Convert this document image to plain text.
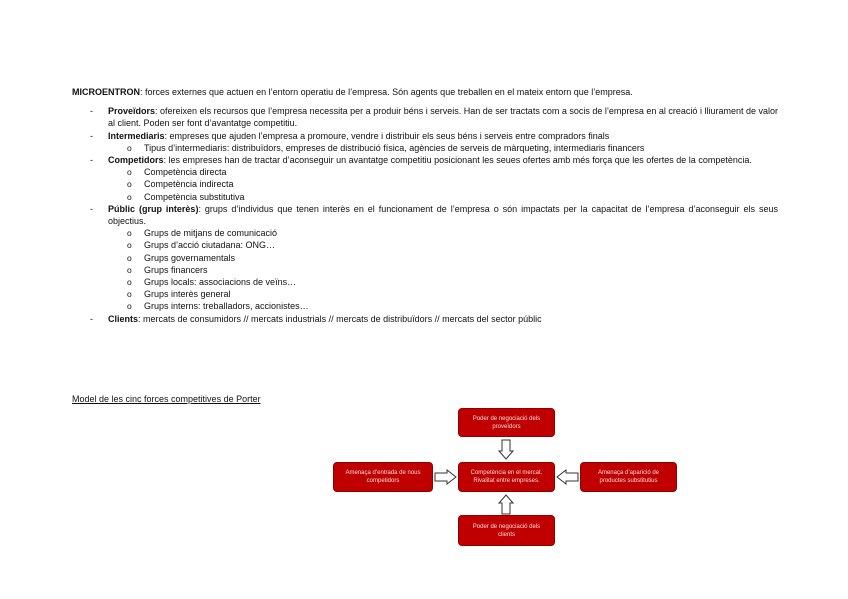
MICROENTRON: forces externes que actuen en l’entorn operatiu de l’empresa. Són agents que treballen en el mateix entorn que l’empresa.

- Proveïdors: ofereixen els recursos que l’empresa necessita per a produir béns i serveis. Han de ser tractats com a socis de l’empresa en al creació i lliurament de valor al client. Poden ser font d’avantatge competitiu.
- Intermediaris: empreses que ajuden l’empresa a promoure, vendre i distribuir els seus béns i serveis entre compradors finals
o Tipus d’intermediaris: distribuïdors, empreses de distribució física, agències de serveis de màrqueting, intermediaris financers
- Competidors: les empreses han de tractar d’aconseguir un avantatge competitiu posicionant les seues ofertes amb més força que les ofertes de la competència.
o Competència directa
o Competència indirecta
o Competència substitutiva
- Públic (grup interès): grups d’individus que tenen interès en el funcionament de l’empresa o són impactats per la capacitat de l’empresa d’aconseguir els seus objectius.
o Grups de mitjans de comunicació
o Grups d’acció ciutadana: ONG…
o Grups governamentals
o Grups financers
o Grups locals: associacions de veïns…
o Grups interès general
o Grups interns: treballadors, accionistes…
- Clients: mercats de consumidors // mercats industrials // mercats de distribuïdors // mercats del sector públic
Model de les cinc forces competitives de Porter
Poder de negociació dels proveïdors
Amenaça d’entrada de nous competidors
Competència en el mercat. Rivalitat entre empreses.
Amenaça d’aparició de productes substitutius
Poder de negociació dels clients
